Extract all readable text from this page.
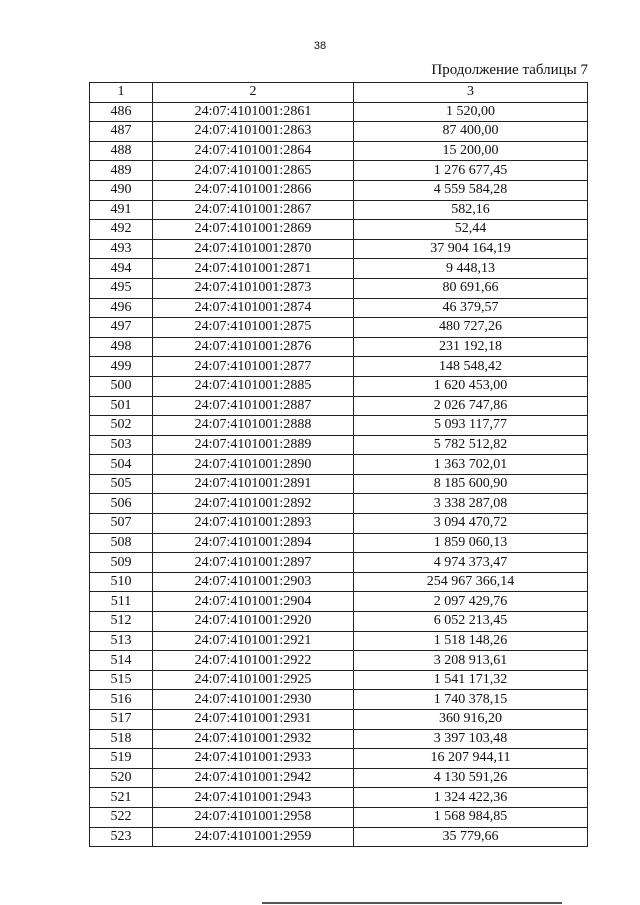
38
Продолжение таблицы 7
1	2	3
486	24:07:4101001:2861	1 520,00
487	24:07:4101001:2863	87 400,00
488	24:07:4101001:2864	15 200,00
489	24:07:4101001:2865	1 276 677,45
490	24:07:4101001:2866	4 559 584,28
491	24:07:4101001:2867	582,16
492	24:07:4101001:2869	52,44
493	24:07:4101001:2870	37 904 164,19
494	24:07:4101001:2871	9 448,13
495	24:07:4101001:2873	80 691,66
496	24:07:4101001:2874	46 379,57
497	24:07:4101001:2875	480 727,26
498	24:07:4101001:2876	231 192,18
499	24:07:4101001:2877	148 548,42
500	24:07:4101001:2885	1 620 453,00
501	24:07:4101001:2887	2 026 747,86
502	24:07:4101001:2888	5 093 117,77
503	24:07:4101001:2889	5 782 512,82
504	24:07:4101001:2890	1 363 702,01
505	24:07:4101001:2891	8 185 600,90
506	24:07:4101001:2892	3 338 287,08
507	24:07:4101001:2893	3 094 470,72
508	24:07:4101001:2894	1 859 060,13
509	24:07:4101001:2897	4 974 373,47
510	24:07:4101001:2903	254 967 366,14
511	24:07:4101001:2904	2 097 429,76
512	24:07:4101001:2920	6 052 213,45
513	24:07:4101001:2921	1 518 148,26
514	24:07:4101001:2922	3 208 913,61
515	24:07:4101001:2925	1 541 171,32
516	24:07:4101001:2930	1 740 378,15
517	24:07:4101001:2931	360 916,20
518	24:07:4101001:2932	3 397 103,48
519	24:07:4101001:2933	16 207 944,11
520	24:07:4101001:2942	4 130 591,26
521	24:07:4101001:2943	1 324 422,36
522	24:07:4101001:2958	1 568 984,85
523	24:07:4101001:2959	35 779,66
